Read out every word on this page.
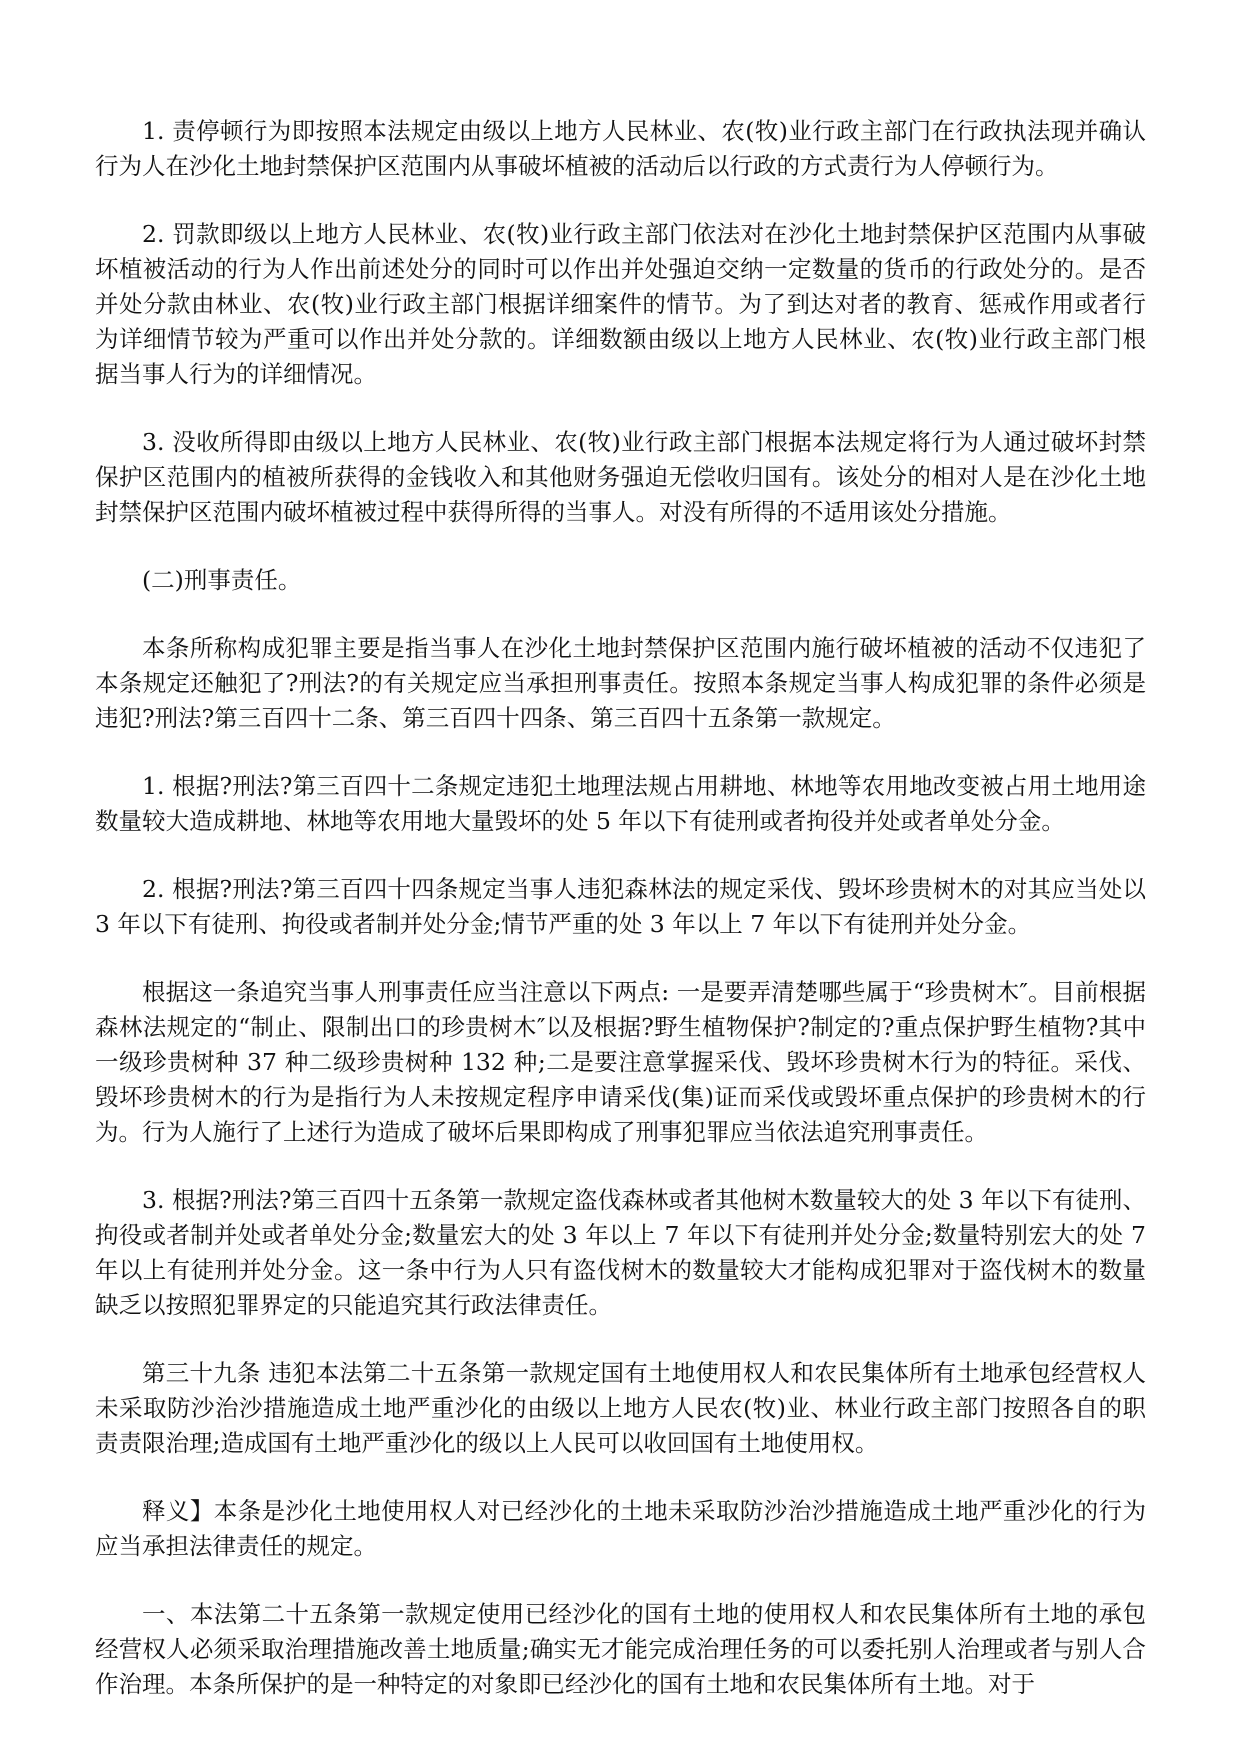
1. 责停顿行为即按照本法规定由级以上地方人民林业、农(牧)业行政主部门在行政执法现并确认行为人在沙化土地封禁保护区范围内从事破坏植被的活动后以行政的方式责行为人停顿行为。

2. 罚款即级以上地方人民林业、农(牧)业行政主部门依法对在沙化土地封禁保护区范围内从事破坏植被活动的行为人作出前述处分的同时可以作出并处强迫交纳一定数量的货币的行政处分的。是否并处分款由林业、农(牧)业行政主部门根据详细案件的情节。为了到达对者的教育、惩戒作用或者行为详细情节较为严重可以作出并处分款的。详细数额由级以上地方人民林业、农(牧)业行政主部门根据当事人行为的详细情况。

3. 没收所得即由级以上地方人民林业、农(牧)业行政主部门根据本法规定将行为人通过破坏封禁保护区范围内的植被所获得的金钱收入和其他财务强迫无偿收归国有。该处分的相对人是在沙化土地封禁保护区范围内破坏植被过程中获得所得的当事人。对没有所得的不适用该处分措施。

(二)刑事责任。

本条所称构成犯罪主要是指当事人在沙化土地封禁保护区范围内施行破坏植被的活动不仅违犯了本条规定还触犯了?刑法?的有关规定应当承担刑事责任。按照本条规定当事人构成犯罪的条件必须是违犯?刑法?第三百四十二条、第三百四十四条、第三百四十五条第一款规定。

1. 根据?刑法?第三百四十二条规定违犯土地理法规占用耕地、林地等农用地改变被占用土地用途数量较大造成耕地、林地等农用地大量毁坏的处 5 年以下有徒刑或者拘役并处或者单处分金。

2. 根据?刑法?第三百四十四条规定当事人违犯森林法的规定采伐、毁坏珍贵树木的对其应当处以 3 年以下有徒刑、拘役或者制并处分金;情节严重的处 3 年以上 7 年以下有徒刑并处分金。

根据这一条追究当事人刑事责任应当注意以下两点: 一是要弄清楚哪些属于“珍贵树木″。目前根据森林法规定的“制止、限制出口的珍贵树木″以及根据?野生植物保护?制定的?重点保护野生植物?其中一级珍贵树种 37 种二级珍贵树种 132 种;二是要注意掌握采伐、毁坏珍贵树木行为的特征。采伐、毁坏珍贵树木的行为是指行为人未按规定程序申请采伐(集)证而采伐或毁坏重点保护的珍贵树木的行为。行为人施行了上述行为造成了破坏后果即构成了刑事犯罪应当依法追究刑事责任。

3. 根据?刑法?第三百四十五条第一款规定盗伐森林或者其他树木数量较大的处 3 年以下有徒刑、拘役或者制并处或者单处分金;数量宏大的处 3 年以上 7 年以下有徒刑并处分金;数量特别宏大的处 7 年以上有徒刑并处分金。这一条中行为人只有盗伐树木的数量较大才能构成犯罪对于盗伐树木的数量缺乏以按照犯罪界定的只能追究其行政法律责任。

第三十九条 违犯本法第二十五条第一款规定国有土地使用权人和农民集体所有土地承包经营权人未采取防沙治沙措施造成土地严重沙化的由级以上地方人民农(牧)业、林业行政主部门按照各自的职责责限治理;造成国有土地严重沙化的级以上人民可以收回国有土地使用权。

释义】本条是沙化土地使用权人对已经沙化的土地未采取防沙治沙措施造成土地严重沙化的行为应当承担法律责任的规定。

一、本法第二十五条第一款规定使用已经沙化的国有土地的使用权人和农民集体所有土地的承包经营权人必须采取治理措施改善土地质量;确实无才能完成治理任务的可以委托别人治理或者与别人合作治理。本条所保护的是一种特定的对象即已经沙化的国有土地和农民集体所有土地。对于
